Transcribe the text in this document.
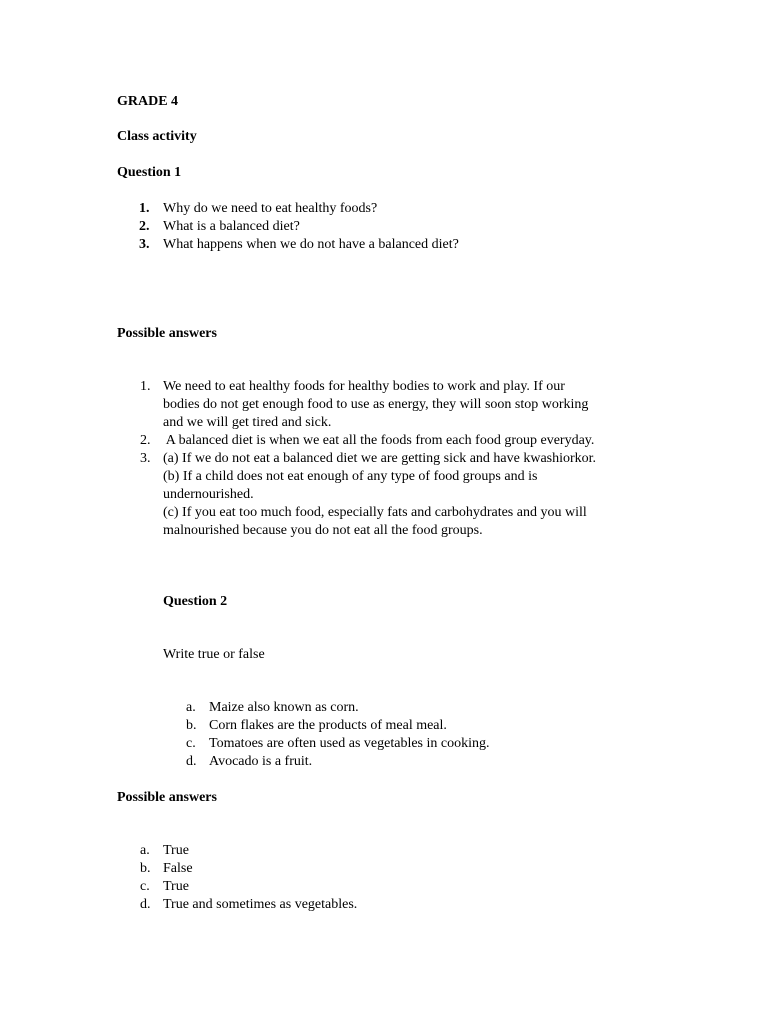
GRADE 4
Class activity
Question 1
1. Why do we need to eat healthy foods?
2. What is a balanced diet?
3. What happens when we do not have a balanced diet?
Possible answers
1. We need to eat healthy foods for healthy bodies to work and play. If our
bodies do not get enough food to use as energy, they will soon stop working
and we will get tired and sick.
2. A balanced diet is when we eat all the foods from each food group everyday.
3. (a) If we do not eat a balanced diet we are getting sick and have kwashiorkor.
(b) If a child does not eat enough of any type of food groups and is
undernourished.
(c) If you eat too much food, especially fats and carbohydrates and you will
malnourished because you do not eat all the food groups.
Question 2
Write true or false
a. Maize also known as corn.
b. Corn flakes are the products of meal meal.
c. Tomatoes are often used as vegetables in cooking.
d. Avocado is a fruit.
Possible answers
a. True
b. False
c. True
d. True and sometimes as vegetables.
